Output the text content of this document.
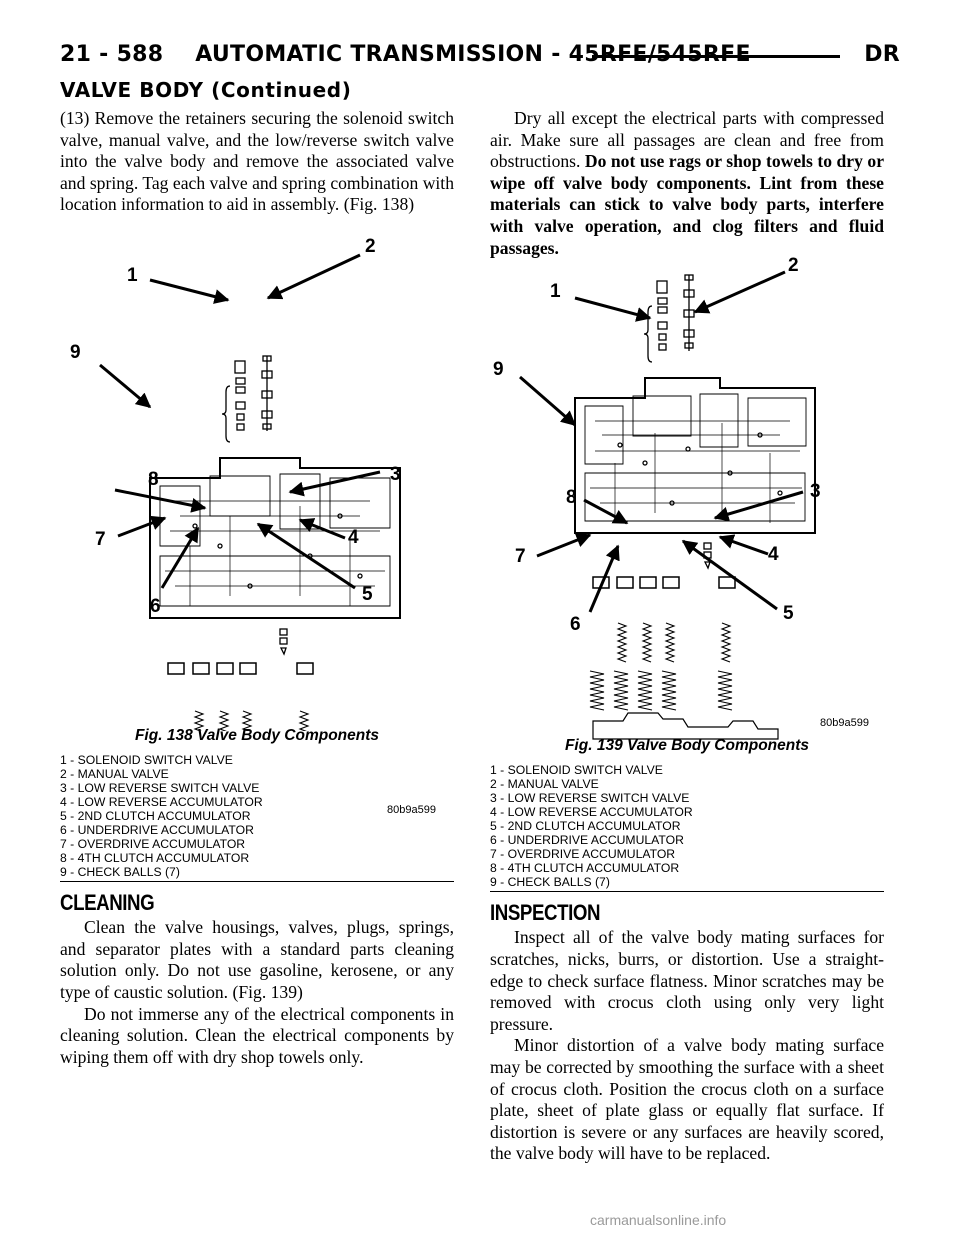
21 - 588    AUTOMATIC TRANSMISSION - 45RFE/545RFE	DR
VALVE BODY (Continued)

(13) Remove the retainers securing the solenoid switch valve, manual valve, and the low/reverse switch valve into the valve body and remove the associated valve and spring. Tag each valve and spring combination with location information to aid in assembly. (Fig. 138)

80b9a599
Fig. 138 Valve Body Components
1 - SOLENOID SWITCH VALVE
2 - MANUAL VALVE
3 - LOW REVERSE SWITCH VALVE
4 - LOW REVERSE ACCUMULATOR
5 - 2ND CLUTCH ACCUMULATOR
6 - UNDERDRIVE ACCUMULATOR
7 - OVERDRIVE ACCUMULATOR
8 - 4TH CLUTCH ACCUMULATOR
9 - CHECK BALLS (7)
CLEANING

Clean the valve housings, valves, plugs, springs, and separator plates with a standard parts cleaning solution only. Do not use gasoline, kerosene, or any type of caustic solution. (Fig. 139)

Do not immerse any of the electrical components in cleaning solution. Clean the electrical components by wiping them off with dry shop towels only.

Dry all except the electrical parts with compressed air. Make sure all passages are clean and free from obstructions. Do not use rags or shop towels to dry or wipe off valve body components. Lint from these materials can stick to valve body parts, interfere with valve operation, and clog filters and fluid passages.

80b9a599
Fig. 139 Valve Body Components
1 - SOLENOID SWITCH VALVE
2 - MANUAL VALVE
3 - LOW REVERSE SWITCH VALVE
4 - LOW REVERSE ACCUMULATOR
5 - 2ND CLUTCH ACCUMULATOR
6 - UNDERDRIVE ACCUMULATOR
7 - OVERDRIVE ACCUMULATOR
8 - 4TH CLUTCH ACCUMULATOR
9 - CHECK BALLS (7)
INSPECTION

Inspect all of the valve body mating surfaces for scratches, nicks, burrs, or distortion. Use a straight-edge to check surface flatness. Minor scratches may be removed with crocus cloth using only very light pressure.

Minor distortion of a valve body mating surface may be corrected by smoothing the surface with a sheet of crocus cloth. Position the crocus cloth on a surface plate, sheet of plate glass or equally flat surface. If distortion is severe or any surfaces are heavily scored, the valve body will have to be replaced.

1
2
3
4
5
6
7
8
9
1
2
3
4
5
6
7
8
9
carmanualsonline.info
